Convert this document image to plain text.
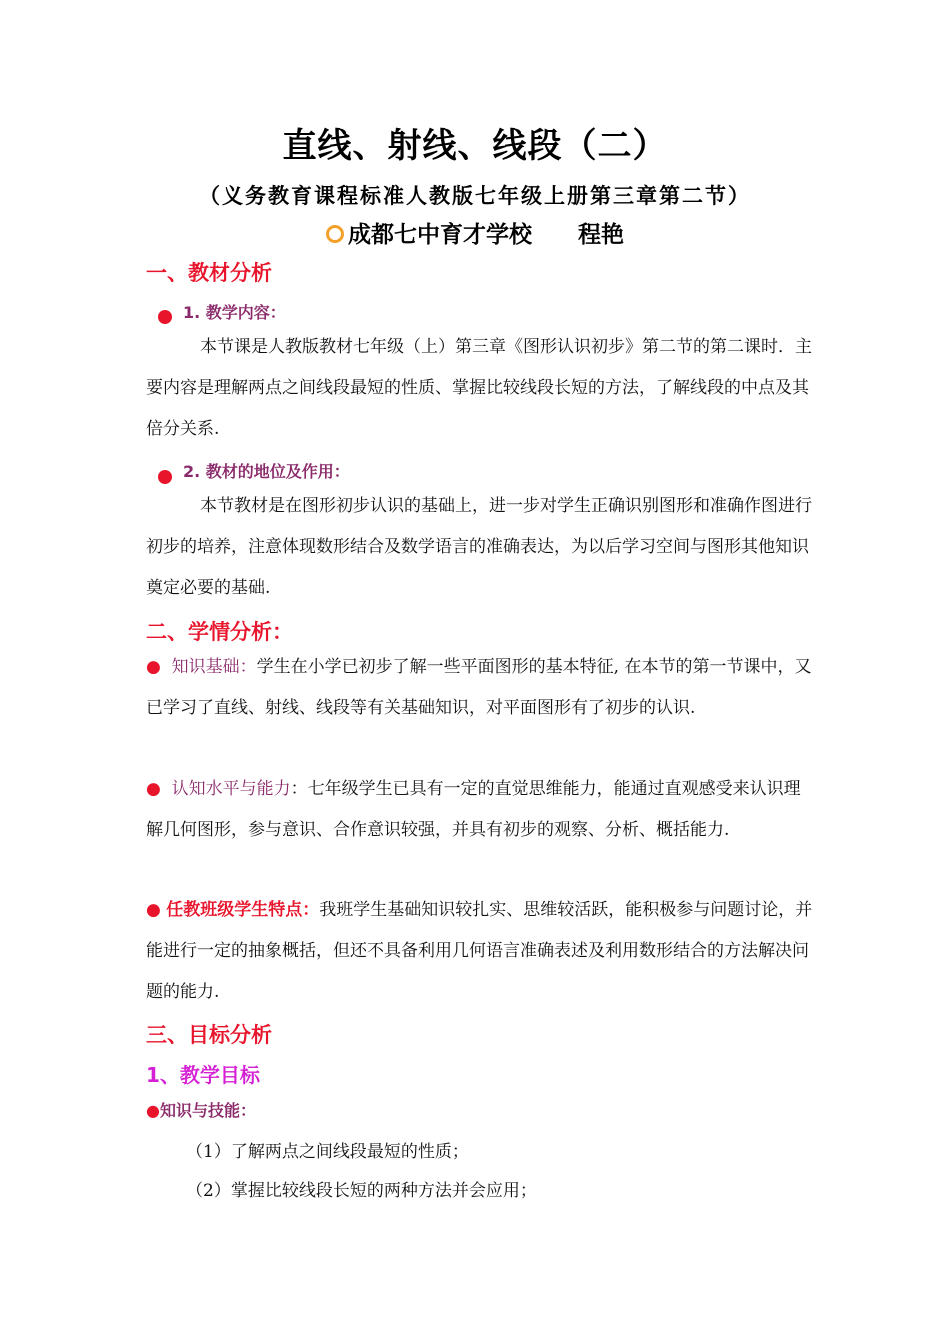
直线、射线、线段（二）
（义务教育课程标准人教版七年级上册第三章第二节）
成都七中育才学校 程艳
一、教材分析
1. 教学内容：
本节课是人教版教材七年级（上）第三章《图形认识初步》第二节的第二课时．主要内容是理解两点之间线段最短的性质、掌握比较线段长短的方法，了解线段的中点及其倍分关系.
2. 教材的地位及作用：
本节教材是在图形初步认识的基础上，进一步对学生正确识别图形和准确作图进行初步的培养，注意体现数形结合及数学语言的准确表达，为以后学习空间与图形其他知识奠定必要的基础.
二、学情分析：
● 知识基础：学生在小学已初步了解一些平面图形的基本特征, 在本节的第一节课中，又已学习了直线、射线、线段等有关基础知识，对平面图形有了初步的认识.
● 认知水平与能力：七年级学生已具有一定的直觉思维能力，能通过直观感受来认识理解几何图形，参与意识、合作意识较强，并具有初步的观察、分析、概括能力.
● 任教班级学生特点：我班学生基础知识较扎实、思维较活跃，能积极参与问题讨论，并能进行一定的抽象概括，但还不具备利用几何语言准确表述及利用数形结合的方法解决问题的能力.
三、目标分析
1、教学目标
●知识与技能：
（1）了解两点之间线段最短的性质；
（2）掌握比较线段长短的两种方法并会应用；
